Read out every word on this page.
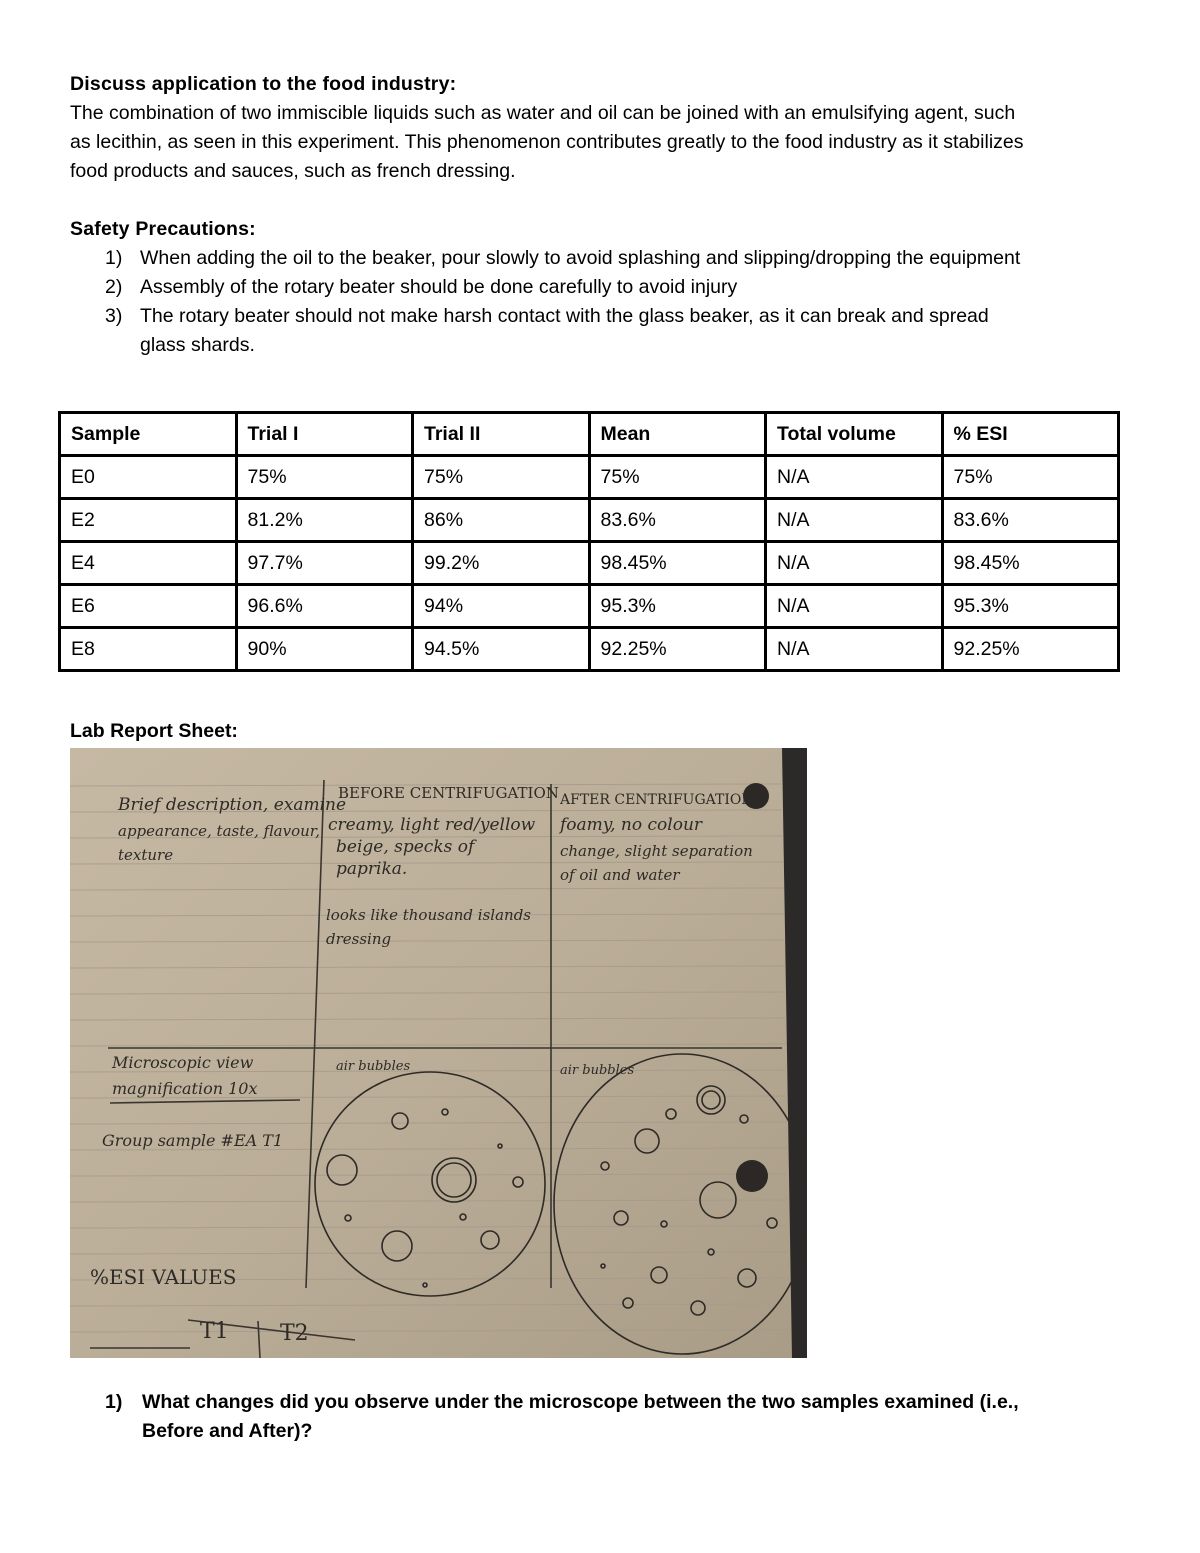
Discuss application to the food industry:

The combination of two immiscible liquids such as water and oil can be joined with an emulsifying agent, such

as lecithin, as seen in this experiment. This phenomenon contributes greatly to the food industry as it stabilizes

food products and sauces, such as french dressing.

Safety Precautions:
1) When adding the oil to the beaker, pour slowly to avoid splashing and slipping/dropping the equipment
2) Assembly of the rotary beater should be done carefully to avoid injury
3) The rotary beater should not make harsh contact with the glass beaker, as it can break and spread
glass shards.
Sample	Trial I	Trial II	Mean	Total volume	% ESI
E0	75%	75%	75%	N/A	75%
E2	81.2%	86%	83.6%	N/A	83.6%
E4	97.7%	99.2%	98.45%	N/A	98.45%
E6	96.6%	94%	95.3%	N/A	95.3%
E8	90%	94.5%	92.25%	N/A	92.25%
Lab Report Sheet:
Brief description, examine
appearance, taste, flavour,
texture
BEFORE CENTRIFUGATION AFTER CENTRIFUGATION
creamy, light red/yellow
beige, specks of
paprika.
looks like thousand islands
dressing
foamy, no colour
change, slight separation
of oil and water
Microscopic view
magnification 10x
Group sample #EA T1
air bubbles	air bubbles
%ESI VALUES
T1 T2
1)	What changes did you observe under the microscope between the two samples examined (i.e.,
Before and After)?
